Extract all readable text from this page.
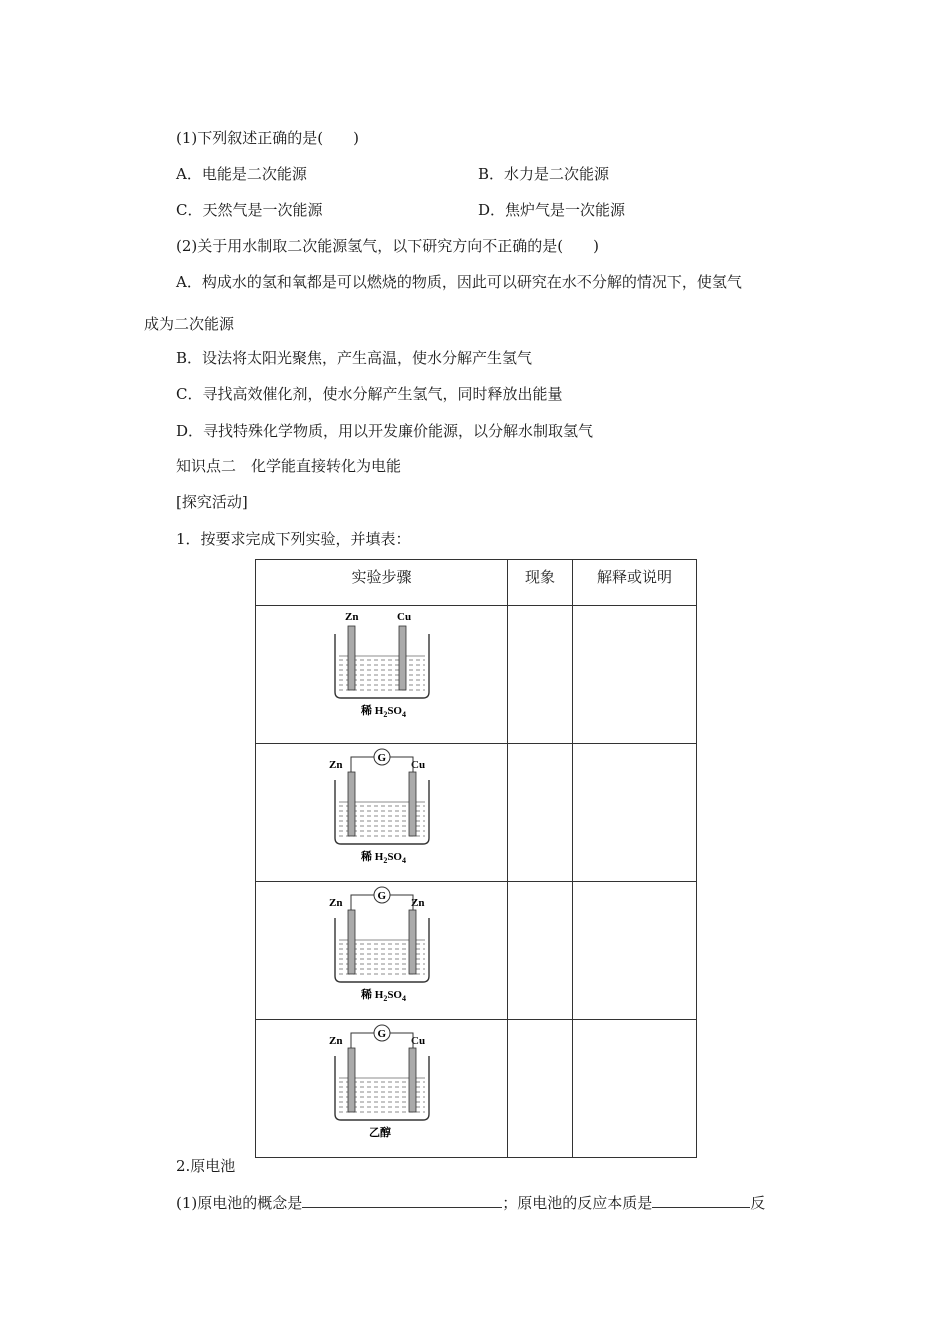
(1)下列叙述正确的是(　　)
A．电能是二次能源	B．水力是二次能源
C．天然气是一次能源	D．焦炉气是一次能源
(2)关于用水制取二次能源氢气，以下研究方向不正确的是(　　)
A．构成水的氢和氧都是可以燃烧的物质，因此可以研究在水不分解的情况下，使氢气
成为二次能源
B．设法将太阳光聚焦，产生高温，使水分解产生氢气
C．寻找高效催化剂，使水分解产生氢气，同时释放出能量
D．寻找特殊化学物质，用以开发廉价能源，以分解水制取氢气
知识点二　化学能直接转化为电能
[探究活动]
1．按要求完成下列实验，并填表：
实验步骤	现象	解释或说明

Zn Cu
稀 $H_2SO_4$

Zn Cu
G
稀 $H_2SO_4$

Zn Zn
G
稀 $H_2SO_4$

Zn Cu
G
乙醇		

2.原电池
(1)原电池的概念是	；原电池的反应本质是	反
